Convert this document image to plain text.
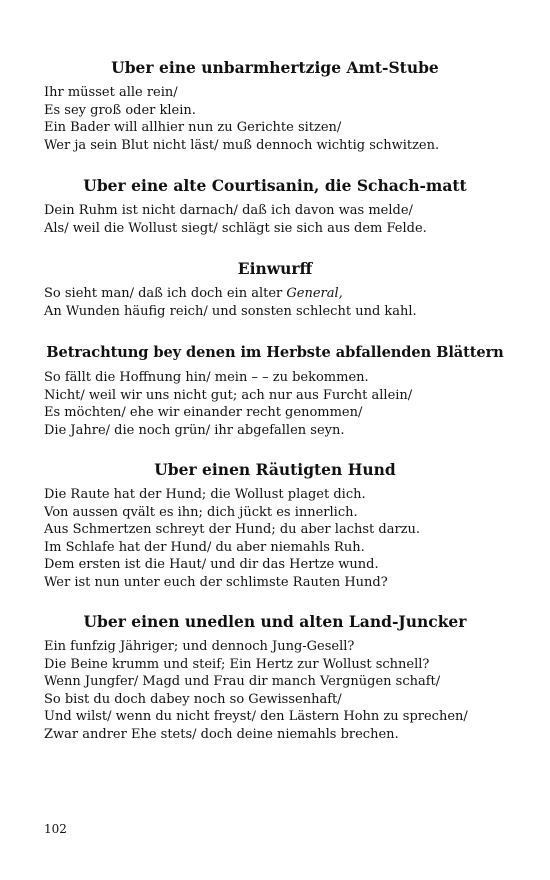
Uber eine unbarmhertzige Amt-Stube
Ihr müsset alle rein/
Es sey groß oder klein.
Ein Bader will allhier nun zu Gerichte sitzen/
Wer ja sein Blut nicht läst/ muß dennoch wichtig schwitzen.
Uber eine alte Courtisanin, die Schach-matt
Dein Ruhm ist nicht darnach/ daß ich davon was melde/
Als/ weil die Wollust siegt/ schlägt sie sich aus dem Felde.
Einwurff
So sieht man/ daß ich doch ein alter General,
An Wunden häufig reich/ und sonsten schlecht und kahl.
Betrachtung bey denen im Herbste abfallenden Blättern
So fällt die Hoffnung hin/ mein – – zu bekommen.
Nicht/ weil wir uns nicht gut; ach nur aus Furcht allein/
Es möchten/ ehe wir einander recht genommen/
Die Jahre/ die noch grün/ ihr abgefallen seyn.
Uber einen Räutigten Hund
Die Raute hat der Hund; die Wollust plaget dich.
Von aussen qvält es ihn; dich jückt es innerlich.
Aus Schmertzen schreyt der Hund; du aber lachst darzu.
Im Schlafe hat der Hund/ du aber niemahls Ruh.
Dem ersten ist die Haut/ und dir das Hertze wund.
Wer ist nun unter euch der schlimste Rauten Hund?
Uber einen unedlen und alten Land-Juncker
Ein funfzig Jähriger; und dennoch Jung-Gesell?
Die Beine krumm und steif; Ein Hertz zur Wollust schnell?
Wenn Jungfer/ Magd und Frau dir manch Vergnügen schaft/
So bist du doch dabey noch so Gewissenhaft/
Und wilst/ wenn du nicht freyst/ den Lästern Hohn zu sprechen/
Zwar andrer Ehe stets/ doch deine niemahls brechen.
102
